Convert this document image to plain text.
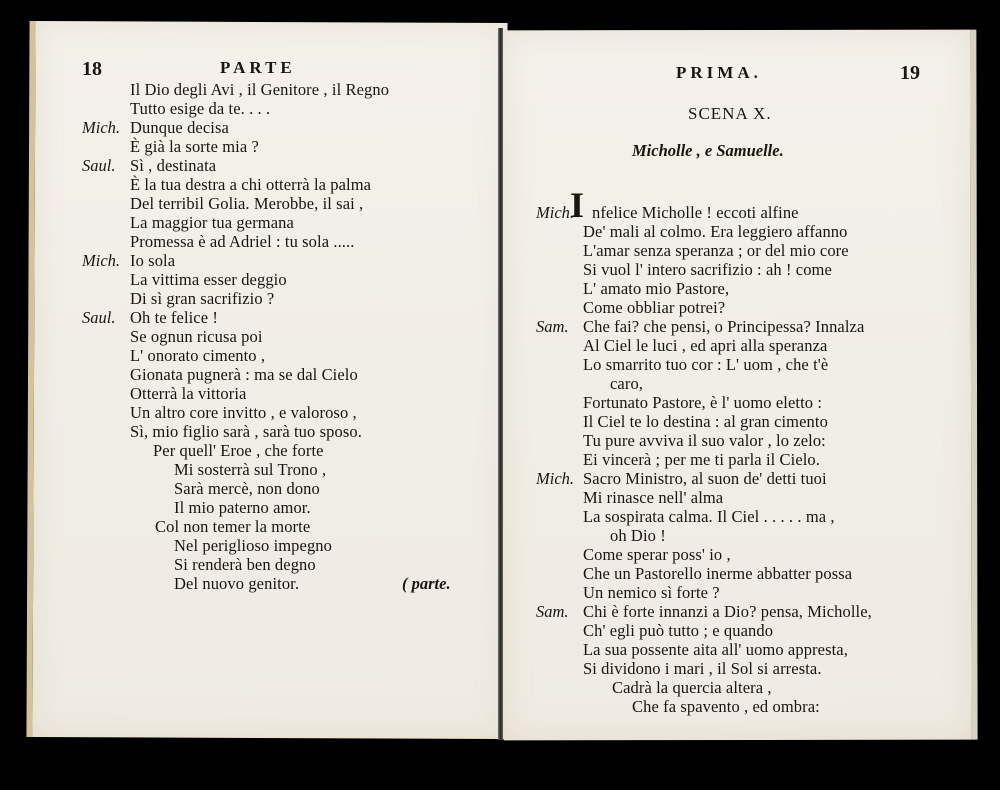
18	PARTE
Il Dio degli Avi , il Genitore , il Regno
Tutto esige da te. . . .
Mich. Dunque decisa
È già la sorte mia ?
Saul. Sì , destinata
È la tua destra a chi otterrà la palma
Del terribil Golia. Merobbe, il sai ,
La maggior tua germana
Promessa è ad Adriel : tu sola .....
Mich. Io sola
La vittima esser deggio
Di sì gran sacrifizio ?
Saul. Oh te felice !
Se ognun ricusa poi
L' onorato cimento ,
Gionata pugnerà : ma se dal Cielo
Otterrà la vittoria
Un altro core invitto , e valoroso ,
Sì, mio figlio sarà , sarà tuo sposo.
Per quell' Eroe , che forte
Mi sosterrà sul Trono ,
Sarà mercè, non dono
Il mio paterno amor.
Col non temer la morte
Nel periglioso impegno
Si renderà ben degno
Del nuovo genitor.	( parte.
PRIMA.	19
SCENA X.
Micholle , e Samuelle.
I
Mich. nfelice Micholle ! eccoti alfine
De' mali al colmo. Era leggiero affanno
L'amar senza speranza ; or del mio core
Si vuol l' intero sacrifizio : ah ! come
L' amato mio Pastore,
Come obbliar potrei?
Sam. Che fai? che pensi, o Principessa? Innalza
Al Ciel le luci , ed apri alla speranza
Lo smarrito tuo cor : L' uom , che t'è
caro,
Fortunato Pastore, è l' uomo eletto :
Il Ciel te lo destina : al gran cimento
Tu pure avviva il suo valor , lo zelo:
Ei vincerà ; per me ti parla il Cielo.
Mich. Sacro Ministro, al suon de' detti tuoi
Mi rinasce nell' alma
La sospirata calma. Il Ciel . . . . . ma ,
oh Dio !
Come sperar poss' io ,
Che un Pastorello inerme abbatter possa
Un nemico sì forte ?
Sam. Chi è forte innanzi a Dio? pensa, Micholle,
Ch' egli può tutto ; e quando
La sua possente aita all' uomo appresta,
Si dividono i mari , il Sol si arresta.
Cadrà la quercia altera ,
Che fa spavento , ed ombra:
